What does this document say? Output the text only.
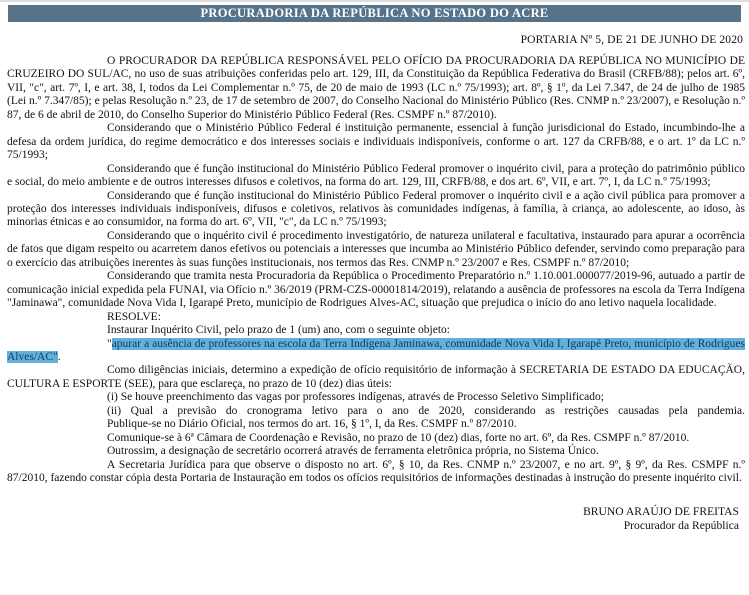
PROCURADORIA DA REPÚBLICA NO ESTADO DO ACRE
PORTARIA Nº 5, DE 21 DE JUNHO DE 2020

O PROCURADOR DA REPÚBLICA RESPONSÁVEL PELO OFÍCIO DA PROCURADORIA DA REPÚBLICA NO MUNICÍPIO DE CRUZEIRO DO SUL/AC, no uso de suas atribuições conferidas pelo art. 129, III, da Constituição da República Federativa do Brasil (CRFB/88); pelos art. 6º, VII, "c", art. 7º, I, e art. 38, I, todos da Lei Complementar n.º 75, de 20 de maio de 1993 (LC n.º 75/1993); art. 8º, § 1º, da Lei 7.347, de 24 de julho de 1985 (Lei n.º 7.347/85); e pelas Resolução n.º 23, de 17 de setembro de 2007, do Conselho Nacional do Ministério Público (Res. CNMP n.º 23/2007), e Resolução n.º 87, de 6 de abril de 2010, do Conselho Superior do Ministério Público Federal (Res. CSMPF n.º 87/2010).

Considerando que o Ministério Público Federal é instituição permanente, essencial à função jurisdicional do Estado, incumbindo-lhe a defesa da ordem jurídica, do regime democrático e dos interesses sociais e individuais indisponíveis, conforme o art. 127 da CRFB/88, e o art. 1º da LC n.º 75/1993;

Considerando que é função institucional do Ministério Público Federal promover o inquérito civil, para a proteção do patrimônio público e social, do meio ambiente e de outros interesses difusos e coletivos, na forma do art. 129, III, CRFB/88, e dos art. 6º, VII, e art. 7º, I, da LC n.º 75/1993;

Considerando que é função institucional do Ministério Público Federal promover o inquérito civil e a ação civil pública para promover a proteção dos interesses individuais indisponíveis, difusos e coletivos, relativos às comunidades indígenas, à família, à criança, ao adolescente, ao idoso, às minorias étnicas e ao consumidor, na forma do art. 6º, VII, "c", da LC n.º 75/1993;

Considerando que o inquérito civil é procedimento investigatório, de natureza unilateral e facultativa, instaurado para apurar a ocorrência de fatos que digam respeito ou acarretem danos efetivos ou potenciais a interesses que incumba ao Ministério Público defender, servindo como preparação para o exercício das atribuições inerentes às suas funções institucionais, nos termos das Res. CNMP n.º 23/2007 e Res. CSMPF n.º 87/2010;

Considerando que tramita nesta Procuradoria da República o Procedimento Preparatório n.º 1.10.001.000077/2019-96, autuado a partir de comunicação inicial expedida pela FUNAI, via Ofício n.º 36/2019 (PRM-CZS-00001814/2019), relatando a ausência de professores na escola da Terra Indígena "Jaminawa", comunidade Nova Vida I, Igarapé Preto, município de Rodrigues Alves-AC, situação que prejudica o início do ano letivo naquela localidade.

RESOLVE:

Instaurar Inquérito Civil, pelo prazo de 1 (um) ano, com o seguinte objeto:

"apurar a ausência de professores na escola da Terra Indígena Jaminawa, comunidade Nova Vida I, Igarapé Preto, município de Rodrigues Alves/AC".

Como diligências iniciais, determino a expedição de ofício requisitório de informação à SECRETARIA DE ESTADO DA EDUCAÇÃO, CULTURA E ESPORTE (SEE), para que esclareça, no prazo de 10 (dez) dias úteis:

(i) Se houve preenchimento das vagas por professores indígenas, através de Processo Seletivo Simplificado;

(ii) Qual a previsão do cronograma letivo para o ano de 2020, considerando as restrições causadas pela pandemia.

Publique-se no Diário Oficial, nos termos do art. 16, § 1º, I, da Res. CSMPF n.º 87/2010.

Comunique-se à 6ª Câmara de Coordenação e Revisão, no prazo de 10 (dez) dias, forte no art. 6º, da Res. CSMPF n.º 87/2010.

Outrossim, a designação de secretário ocorrerá através de ferramenta eletrônica própria, no Sistema Único.

A Secretaria Jurídica para que observe o disposto no art. 6º, § 10, da Res. CNMP n.º 23/2007, e no art. 9º, § 9º, da Res. CSMPF n.º 87/2010, fazendo constar cópia desta Portaria de Instauração em todos os ofícios requisitórios de informações destinadas à instrução do presente inquérito civil.

BRUNO ARAÚJO DE FREITAS
Procurador da República
